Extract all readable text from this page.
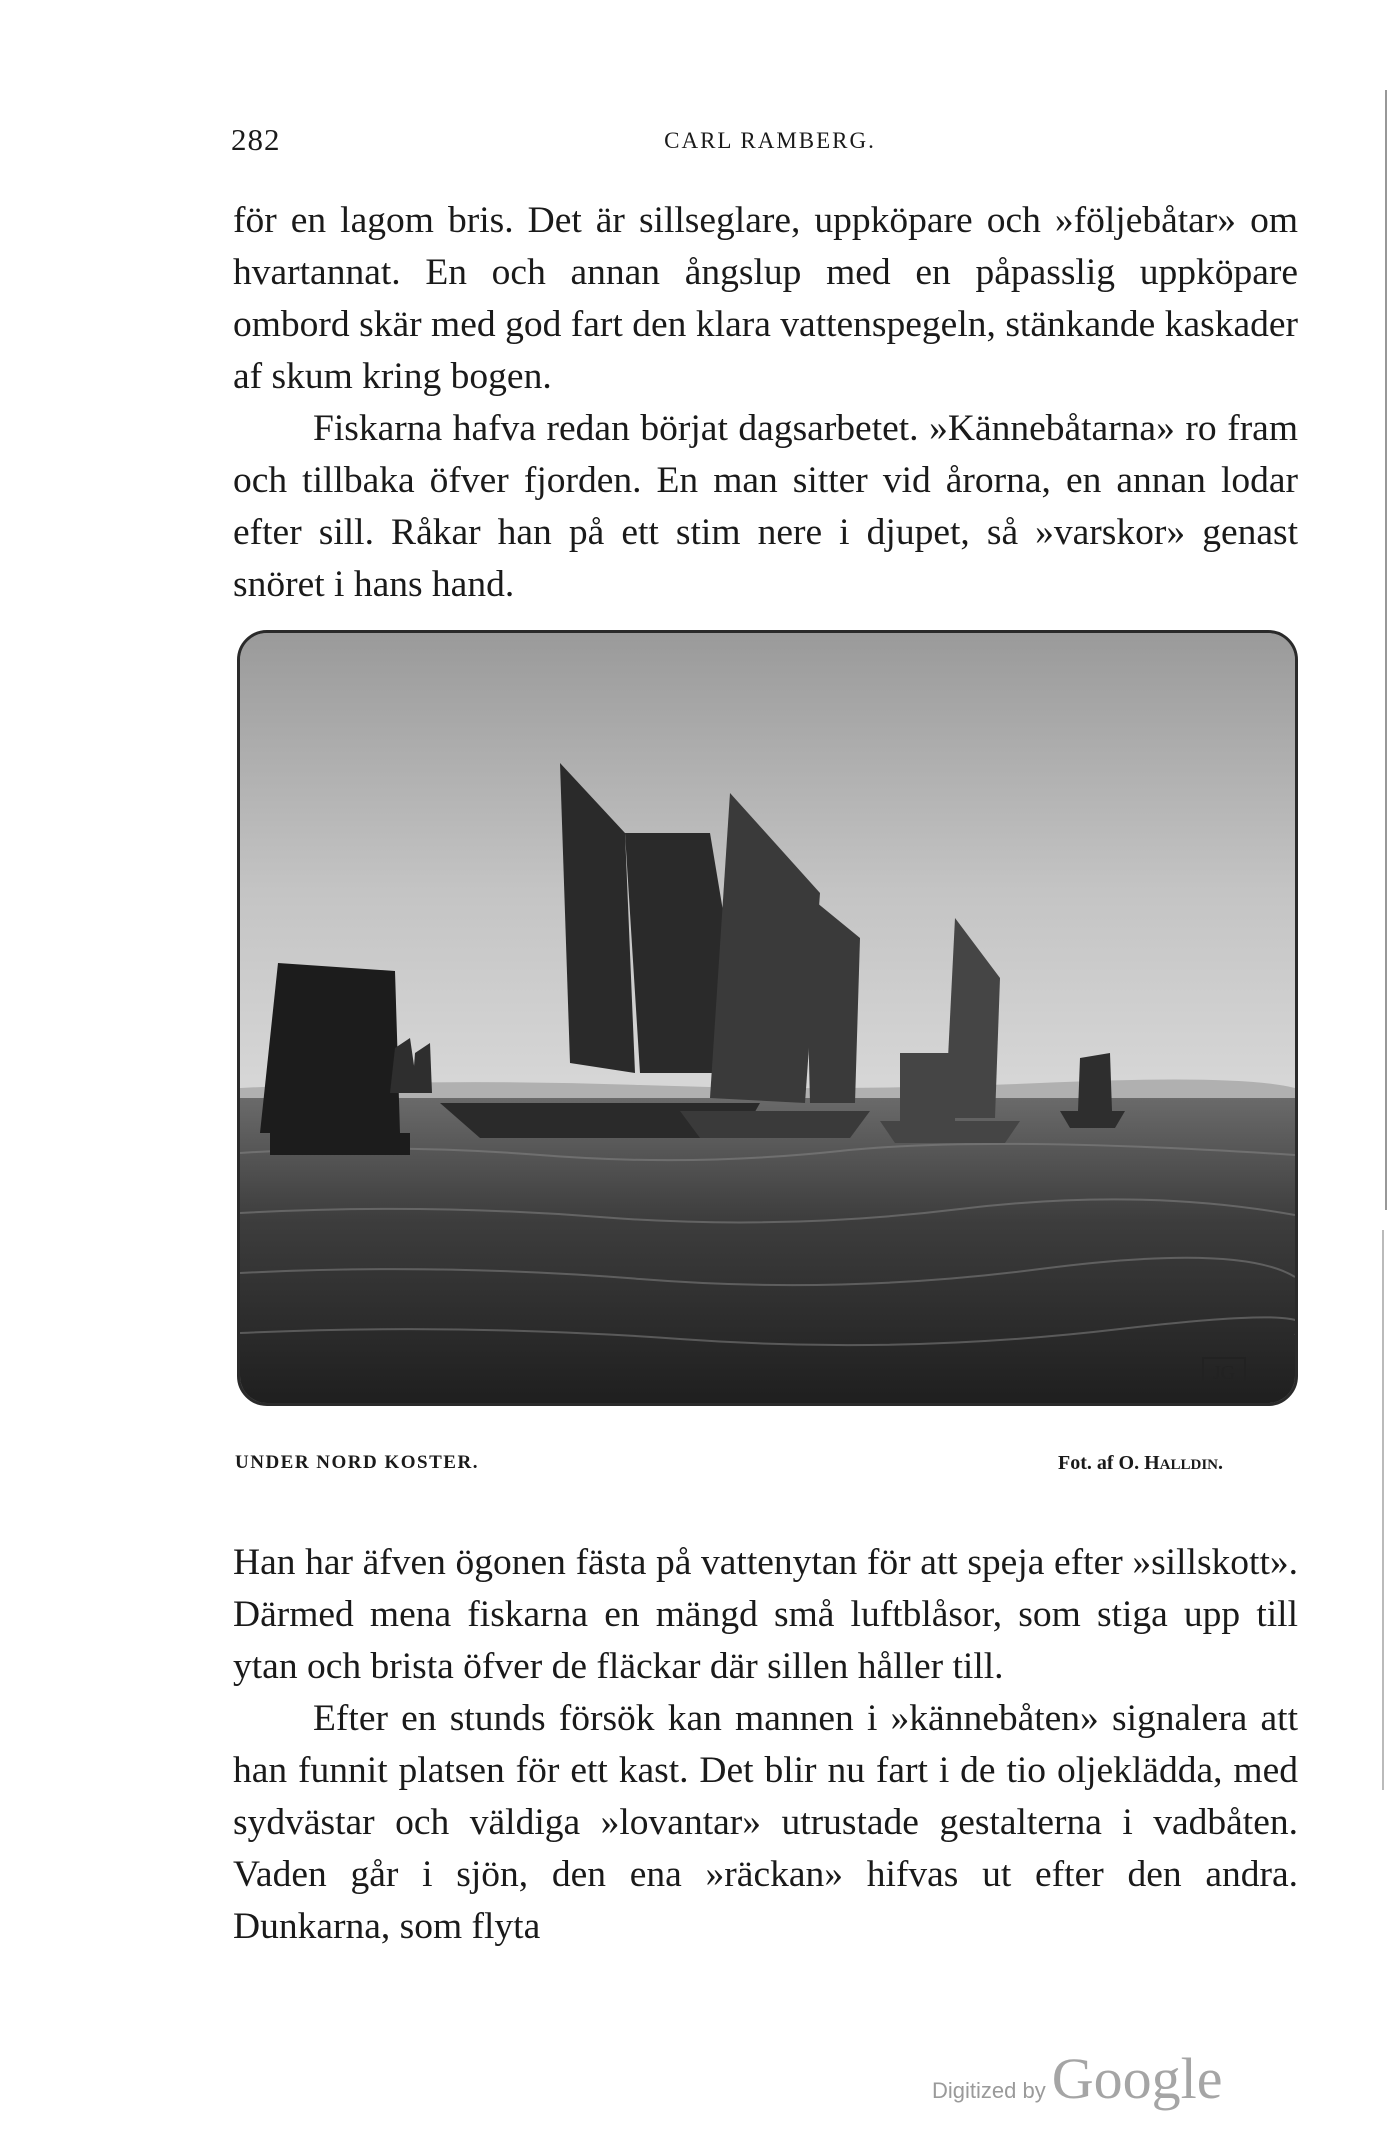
282	CARL RAMBERG.

för en lagom bris. Det är sillseglare, uppköpare och »följebåtar» om hvartannat. En och annan ångslup med en påpasslig uppköpare ombord skär med god fart den klara vattenspegeln, stänkande kaskader af skum kring bogen.

Fiskarna hafva redan börjat dagsarbetet. »Kännebåtarna» ro fram och tillbaka öfver fjorden. En man sitter vid årorna, en annan lodar efter sill. Råkar han på ett stim nere i djupet, så »varskor» genast snöret i hans hand.

JG
UNDER NORD KOSTER.	Fot. af O. HALLDIN.

Han har äfven ögonen fästa på vattenytan för att speja efter »sillskott». Därmed mena fiskarna en mängd små luftblåsor, som stiga upp till ytan och brista öfver de fläckar där sillen håller till.

Efter en stunds försök kan mannen i »kännebåten» signalera att han funnit platsen för ett kast. Det blir nu fart i de tio oljeklädda, med sydvästar och väldiga »lovantar» utrustade gestalterna i vadbåten. Vaden går i sjön, den ena »räckan» hifvas ut efter den andra. Dunkarna, som flyta

Digitized by Google
